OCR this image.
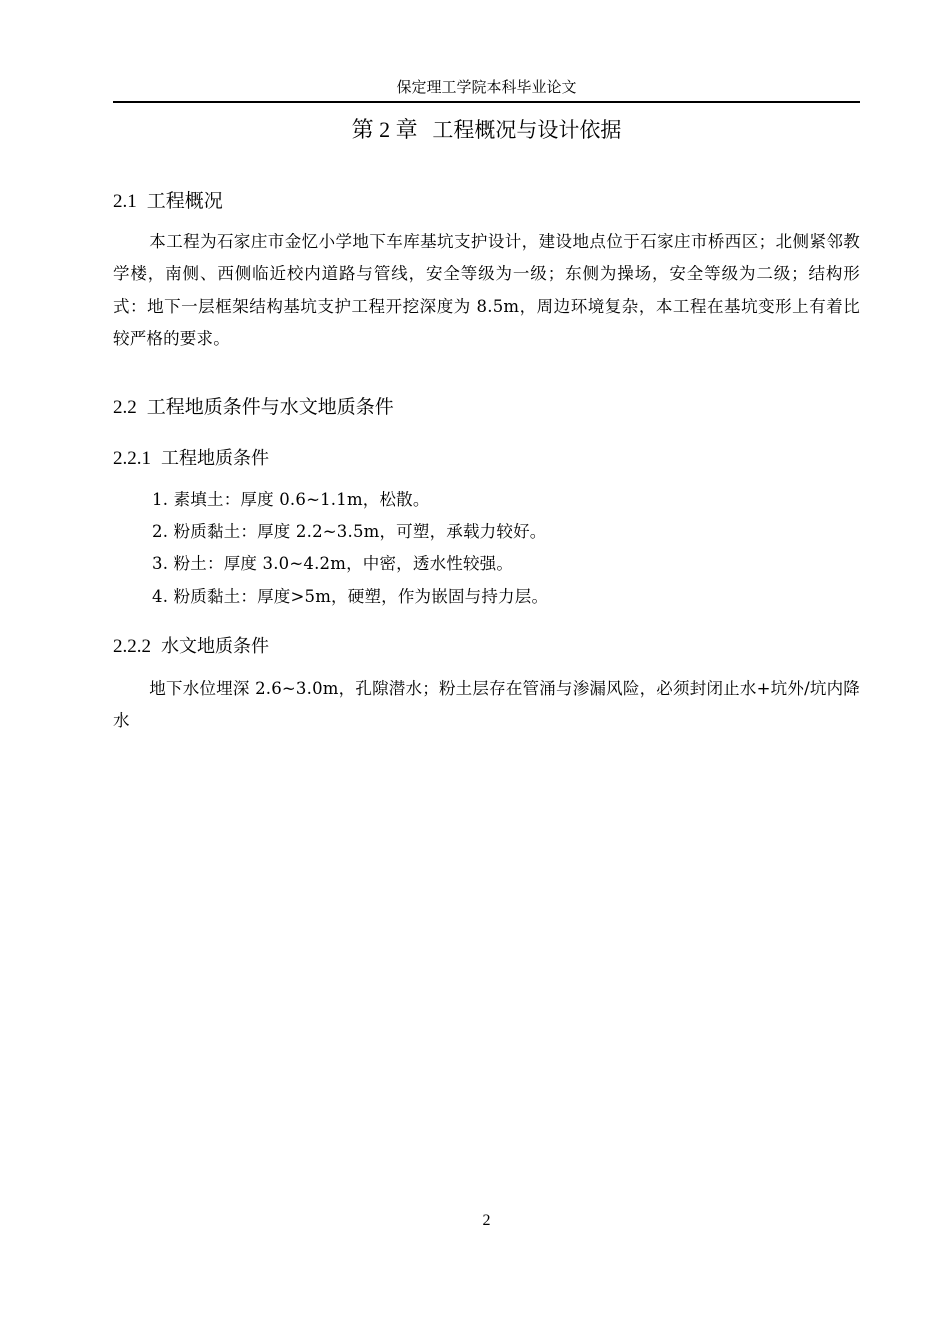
保定理工学院本科毕业论文
第 2 章 工程概况与设计依据
2.1 工程概况

本工程为石家庄市金忆小学地下车库基坑支护设计，建设地点位于石家庄市桥西区；北侧紧邻教学楼，南侧、西侧临近校内道路与管线，安全等级为一级；东侧为操场，安全等级为二级；结构形式：地下一层框架结构基坑支护工程开挖深度为 8.5m，周边环境复杂，本工程在基坑变形上有着比较严格的要求。

2.2 工程地质条件与水文地质条件
2.2.1 工程地质条件
1. 素填土：厚度 0.6~1.1m，松散。
2. 粉质黏土：厚度 2.2~3.5m，可塑，承载力较好。
3. 粉土：厚度 3.0~4.2m，中密，透水性较强。
4. 粉质黏土：厚度>5m，硬塑，作为嵌固与持力层。
2.2.2 水文地质条件

地下水位埋深 2.6~3.0m，孔隙潜水；粉土层存在管涌与渗漏风险，必须封闭止水+坑外/坑内降水

2
